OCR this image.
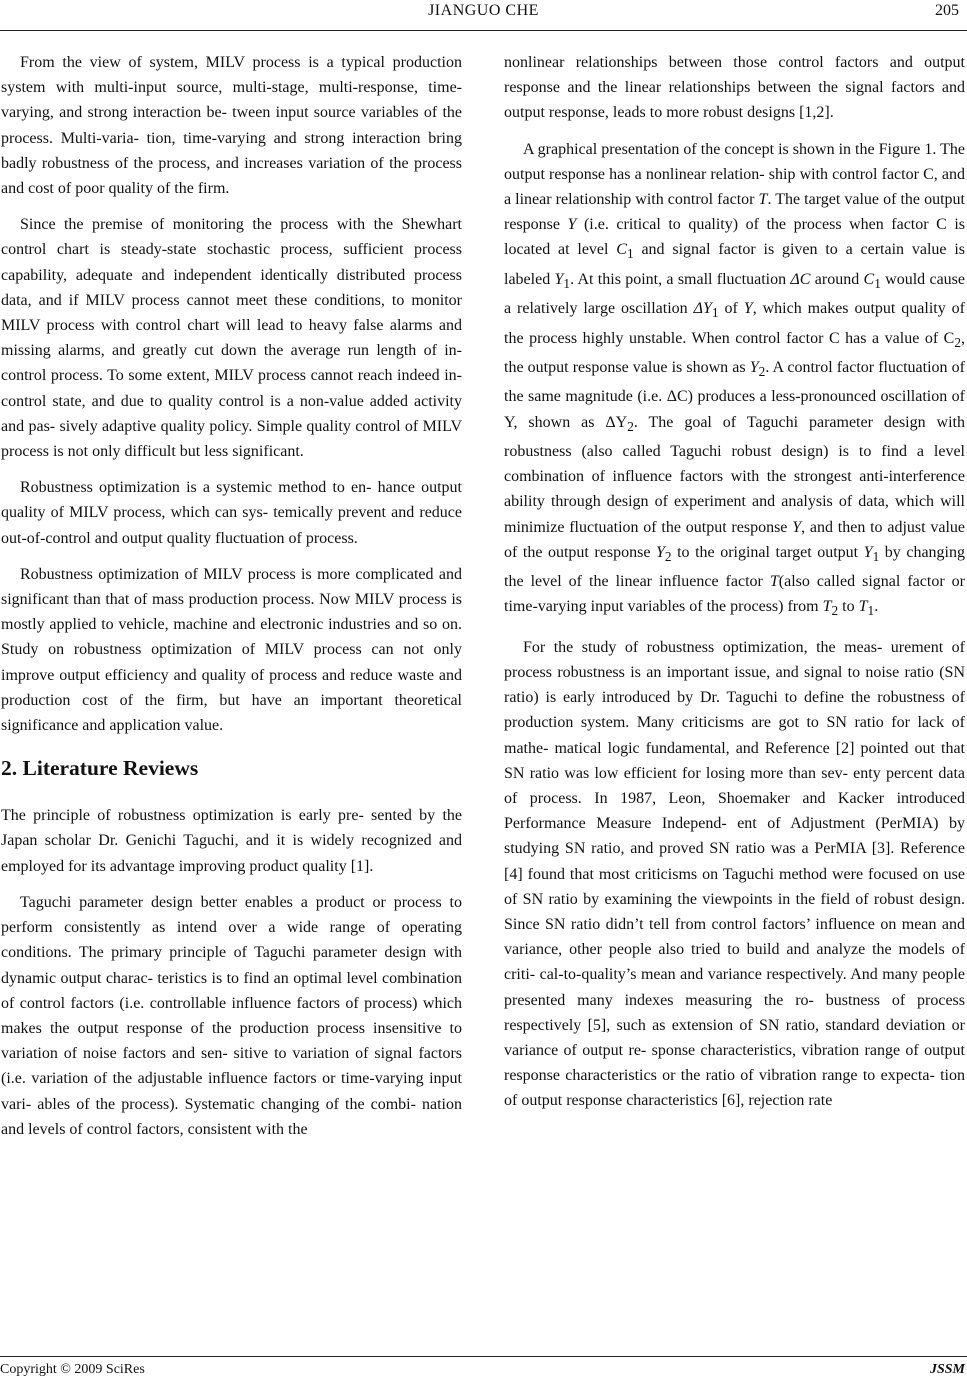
JIANGUO CHE	205

From the view of system, MILV process is a typical production system with multi-input source, multi-stage, multi-response, time-varying, and strong interaction be- tween input source variables of the process. Multi-varia- tion, time-varying and strong interaction bring badly robustness of the process, and increases variation of the process and cost of poor quality of the firm.

Since the premise of monitoring the process with the Shewhart control chart is steady-state stochastic process, sufficient process capability, adequate and independent identically distributed process data, and if MILV process cannot meet these conditions, to monitor MILV process with control chart will lead to heavy false alarms and missing alarms, and greatly cut down the average run length of in-control process. To some extent, MILV process cannot reach indeed in-control state, and due to quality control is a non-value added activity and pas- sively adaptive quality policy. Simple quality control of MILV process is not only difficult but less significant.

Robustness optimization is a systemic method to en- hance output quality of MILV process, which can sys- temically prevent and reduce out-of-control and output quality fluctuation of process.

Robustness optimization of MILV process is more complicated and significant than that of mass production process. Now MILV process is mostly applied to vehicle, machine and electronic industries and so on. Study on robustness optimization of MILV process can not only improve output efficiency and quality of process and reduce waste and production cost of the firm, but have an important theoretical significance and application value.

2. Literature Reviews

The principle of robustness optimization is early pre- sented by the Japan scholar Dr. Genichi Taguchi, and it is widely recognized and employed for its advantage improving product quality [1].

Taguchi parameter design better enables a product or process to perform consistently as intend over a wide range of operating conditions. The primary principle of Taguchi parameter design with dynamic output charac- teristics is to find an optimal level combination of control factors (i.e. controllable influence factors of process) which makes the output response of the production process insensitive to variation of noise factors and sen- sitive to variation of signal factors (i.e. variation of the adjustable influence factors or time-varying input vari- ables of the process). Systematic changing of the combi- nation and levels of control factors, consistent with the

nonlinear relationships between those control factors and output response and the linear relationships between the signal factors and output response, leads to more robust designs [1,2].

A graphical presentation of the concept is shown in the Figure 1. The output response has a nonlinear relation- ship with control factor C, and a linear relationship with control factor T. The target value of the output response Y (i.e. critical to quality) of the process when factor C is located at level $C_1$ and signal factor is given to a certain value is labeled $Y_1$. At this point, a small fluctuation ΔC around $C_1$ would cause a relatively large oscillation $\Delta Y_1$ of Y, which makes output quality of the process highly unstable. When control factor C has a value of $C_2$, the output response value is shown as $Y_2$. A control factor fluctuation of the same magnitude (i.e. ΔC) produces a less-pronounced oscillation of Y, shown as $\Delta Y_2$. The goal of Taguchi parameter design with robustness (also called Taguchi robust design) is to find a level combination of influence factors with the strongest anti-interference ability through design of experiment and analysis of data, which will minimize fluctuation of the output response Y, and then to adjust value of the output response $Y_2$ to the original target output $Y_1$ by changing the level of the linear influence factor T(also called signal factor or time-varying input variables of the process) from $T_2$ to $T_1$.

For the study of robustness optimization, the meas- urement of process robustness is an important issue, and signal to noise ratio (SN ratio) is early introduced by Dr. Taguchi to define the robustness of production system. Many criticisms are got to SN ratio for lack of mathe- matical logic fundamental, and Reference [2] pointed out that SN ratio was low efficient for losing more than sev- enty percent data of process. In 1987, Leon, Shoemaker and Kacker introduced Performance Measure Independ- ent of Adjustment (PerMIA) by studying SN ratio, and proved SN ratio was a PerMIA [3]. Reference [4] found that most criticisms on Taguchi method were focused on use of SN ratio by examining the viewpoints in the field of robust design. Since SN ratio didn’t tell from control factors’ influence on mean and variance, other people also tried to build and analyze the models of criti- cal-to-quality’s mean and variance respectively. And many people presented many indexes measuring the ro- bustness of process respectively [5], such as extension of SN ratio, standard deviation or variance of output re- sponse characteristics, vibration range of output response characteristics or the ratio of vibration range to expecta- tion of output response characteristics [6], rejection rate

Copyright © 2009 SciRes	JSSM
